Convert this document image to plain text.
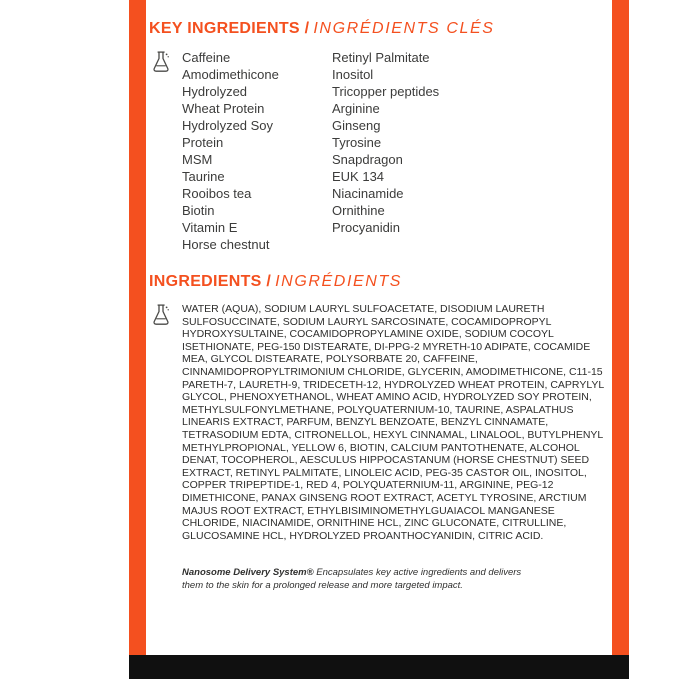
KEY INGREDIENTS / INGRÉDIENTS CLÉS
Caffeine
Amodimethicone
Hydrolyzed Wheat Protein
Hydrolyzed Soy Protein
MSM
Taurine
Rooibos tea
Biotin
Vitamin E
Horse chestnut
Retinyl Palmitate
Inositol
Tricopper peptides
Arginine
Ginseng
Tyrosine
Snapdragon
EUK 134
Niacinamide
Ornithine
Procyanidin
INGREDIENTS / INGRÉDIENTS

WATER (AQUA), SODIUM LAURYL SULFOACETATE, DISODIUM LAURETH SULFOSUCCINATE, SODIUM LAURYL SARCOSINATE, COCAMIDOPROPYL HYDROXYSULTAINE, COCAMIDOPROPYLAMINE OXIDE, SODIUM COCOYL ISETHIONATE, PEG-150 DISTEARATE, DI-PPG-2 MYRETH-10 ADIPATE, COCAMIDE MEA, GLYCOL DISTEARATE, POLYSORBATE 20, CAFFEINE, CINNAMIDOPROPYLTRIMONIUM CHLORIDE, GLYCERIN, AMODIMETHICONE, C11-15 PARETH-7, LAURETH-9, TRIDECETH-12, HYDROLYZED WHEAT PROTEIN, CAPRYLYL GLYCOL, PHENOXYETHANOL, WHEAT AMINO ACID, HYDROLYZED SOY PROTEIN, METHYLSULFONYLMETHANE, POLYQUATERNIUM-10, TAURINE, ASPALATHUS LINEARIS EXTRACT, PARFUM, BENZYL BENZOATE, BENZYL CINNAMATE, TETRASODIUM EDTA, CITRONELLOL, HEXYL CINNAMAL, LINALOOL, BUTYLPHENYL METHYLPROPIONAL, YELLOW 6, BIOTIN, CALCIUM PANTOTHENATE, ALCOHOL DENAT, TOCOPHEROL, AESCULUS HIPPOCASTANUM (HORSE CHESTNUT) SEED EXTRACT, RETINYL PALMITATE, LINOLEIC ACID, PEG-35 CASTOR OIL, INOSITOL, COPPER TRIPEPTIDE-1, RED 4, POLYQUATERNIUM-11, ARGININE, PEG-12 DIMETHICONE, PANAX GINSENG ROOT EXTRACT, ACETYL TYROSINE, ARCTIUM MAJUS ROOT EXTRACT, ETHYLBISIMINOMETHYLGUAIACOL MANGANESE CHLORIDE, NIACINAMIDE, ORNITHINE HCL, ZINC GLUCONATE, CITRULLINE, GLUCOSAMINE HCL, HYDROLYZED PROANTHOCYANIDIN, CITRIC ACID.

Nanosome Delivery System® Encapsulates key active ingredients and delivers them to the skin for a prolonged release and more targeted impact.
